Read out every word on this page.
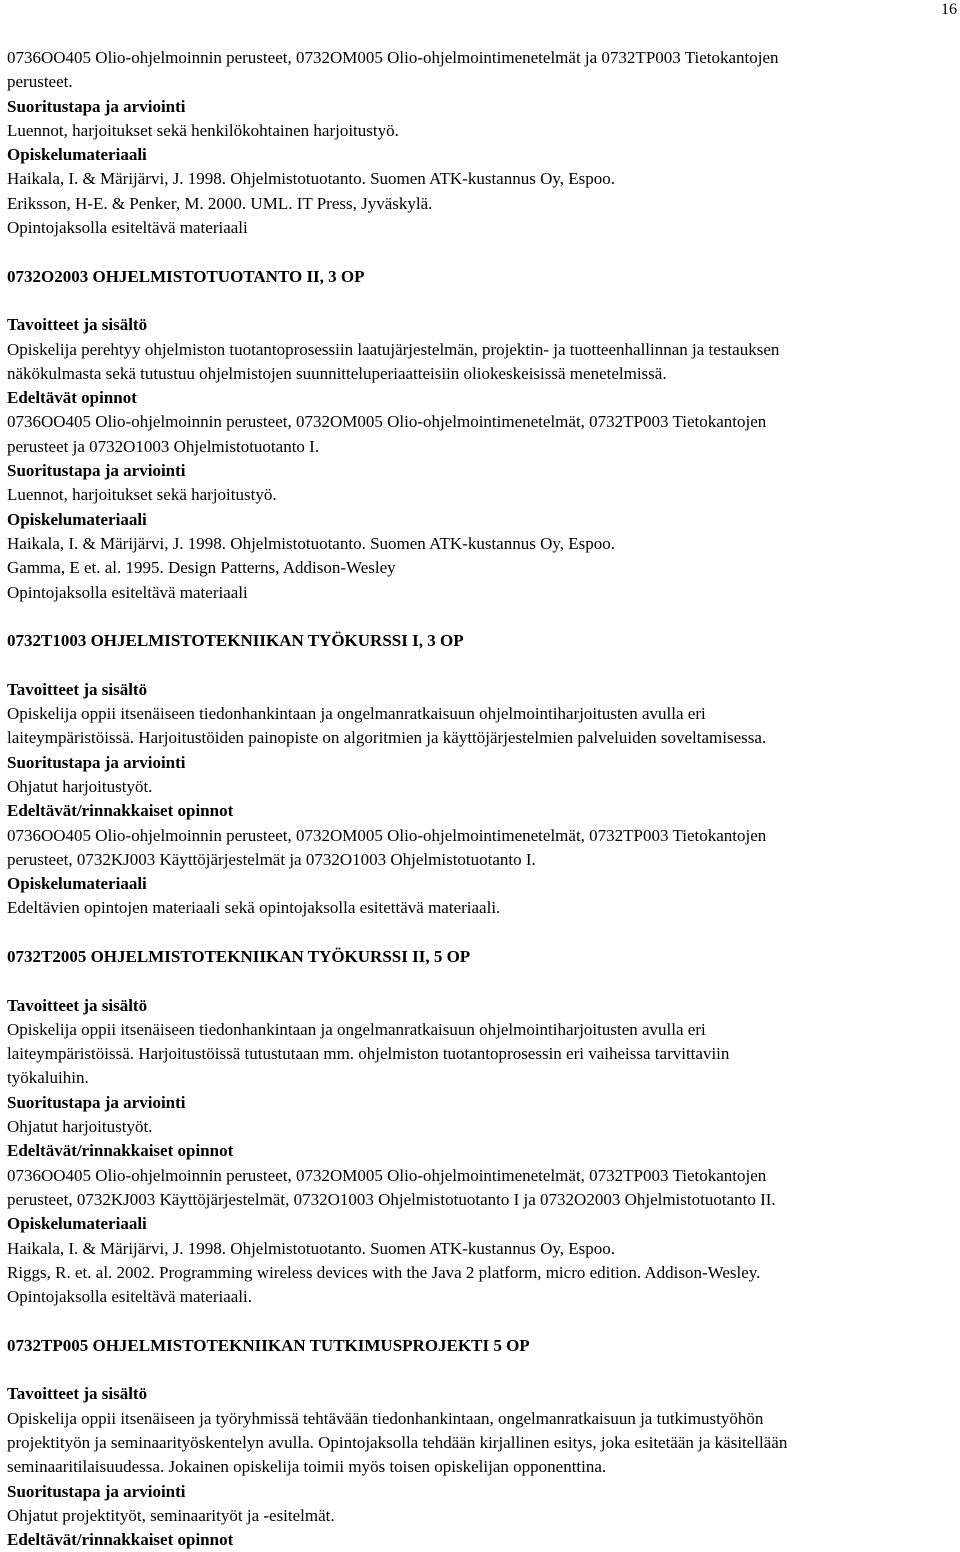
16
0736OO405 Olio-ohjelmoinnin perusteet, 0732OM005 Olio-ohjelmointimenetelmät ja 0732TP003 Tietokantojen
perusteet.
Suoritustapa ja arviointi
Luennot, harjoitukset sekä henkilökohtainen harjoitustyö.
Opiskelumateriaali
Haikala, I. & Märijärvi, J. 1998. Ohjelmistotuotanto. Suomen ATK-kustannus Oy, Espoo.
Eriksson, H-E. & Penker, M. 2000. UML. IT Press, Jyväskylä.
Opintojaksolla esiteltävä materiaali
0732O2003 OHJELMISTOTUOTANTO II, 3 OP
Tavoitteet ja sisältö
Opiskelija perehtyy ohjelmiston tuotantoprosessiin laatujärjestelmän, projektin- ja tuotteenhallinnan ja testauksen
näkökulmasta sekä tutustuu ohjelmistojen suunnitteluperiaatteisiin oliokeskeisissä menetelmissä.
Edeltävät opinnot
0736OO405 Olio-ohjelmoinnin perusteet, 0732OM005 Olio-ohjelmointimenetelmät, 0732TP003 Tietokantojen
perusteet ja 0732O1003 Ohjelmistotuotanto I.
Suoritustapa ja arviointi
Luennot, harjoitukset sekä harjoitustyö.
Opiskelumateriaali
Haikala, I. & Märijärvi, J. 1998. Ohjelmistotuotanto. Suomen ATK-kustannus Oy, Espoo.
Gamma, E et. al. 1995. Design Patterns, Addison-Wesley
Opintojaksolla esiteltävä materiaali
0732T1003 OHJELMISTOTEKNIIKAN TYÖKURSSI I, 3 OP
Tavoitteet ja sisältö
Opiskelija oppii itsenäiseen tiedonhankintaan ja ongelmanratkaisuun ohjelmointiharjoitusten avulla eri
laiteympäristöissä. Harjoitustöiden painopiste on algoritmien ja käyttöjärjestelmien palveluiden soveltamisessa.
Suoritustapa ja arviointi
Ohjatut harjoitustyöt.
Edeltävät/rinnakkaiset opinnot
0736OO405 Olio-ohjelmoinnin perusteet, 0732OM005 Olio-ohjelmointimenetelmät, 0732TP003 Tietokantojen
perusteet, 0732KJ003 Käyttöjärjestelmät ja 0732O1003 Ohjelmistotuotanto I.
Opiskelumateriaali
Edeltävien opintojen materiaali sekä opintojaksolla esitettävä materiaali.
0732T2005 OHJELMISTOTEKNIIKAN TYÖKURSSI II, 5 OP
Tavoitteet ja sisältö
Opiskelija oppii itsenäiseen tiedonhankintaan ja ongelmanratkaisuun ohjelmointiharjoitusten avulla eri
laiteympäristöissä. Harjoitustöissä tutustutaan mm. ohjelmiston tuotantoprosessin eri vaiheissa tarvittaviin
työkaluihin.
Suoritustapa ja arviointi
Ohjatut harjoitustyöt.
Edeltävät/rinnakkaiset opinnot
0736OO405 Olio-ohjelmoinnin perusteet, 0732OM005 Olio-ohjelmointimenetelmät, 0732TP003 Tietokantojen
perusteet, 0732KJ003 Käyttöjärjestelmät, 0732O1003 Ohjelmistotuotanto I ja 0732O2003 Ohjelmistotuotanto II.
Opiskelumateriaali
Haikala, I. & Märijärvi, J. 1998. Ohjelmistotuotanto. Suomen ATK-kustannus Oy, Espoo.
Riggs, R. et. al. 2002. Programming wireless devices with the Java 2 platform, micro edition. Addison-Wesley.
Opintojaksolla esiteltävä materiaali.
0732TP005 OHJELMISTOTEKNIIKAN TUTKIMUSPROJEKTI 5 OP
Tavoitteet ja sisältö
Opiskelija oppii itsenäiseen ja työryhmissä tehtävään tiedonhankintaan, ongelmanratkaisuun ja tutkimustyöhön
projektityön ja seminaarityöskentelyn avulla. Opintojaksolla tehdään kirjallinen esitys, joka esitetään ja käsitellään
seminaaritilaisuudessa. Jokainen opiskelija toimii myös toisen opiskelijan opponenttina.
Suoritustapa ja arviointi
Ohjatut projektityöt, seminaarityöt ja -esitelmät.
Edeltävät/rinnakkaiset opinnot
